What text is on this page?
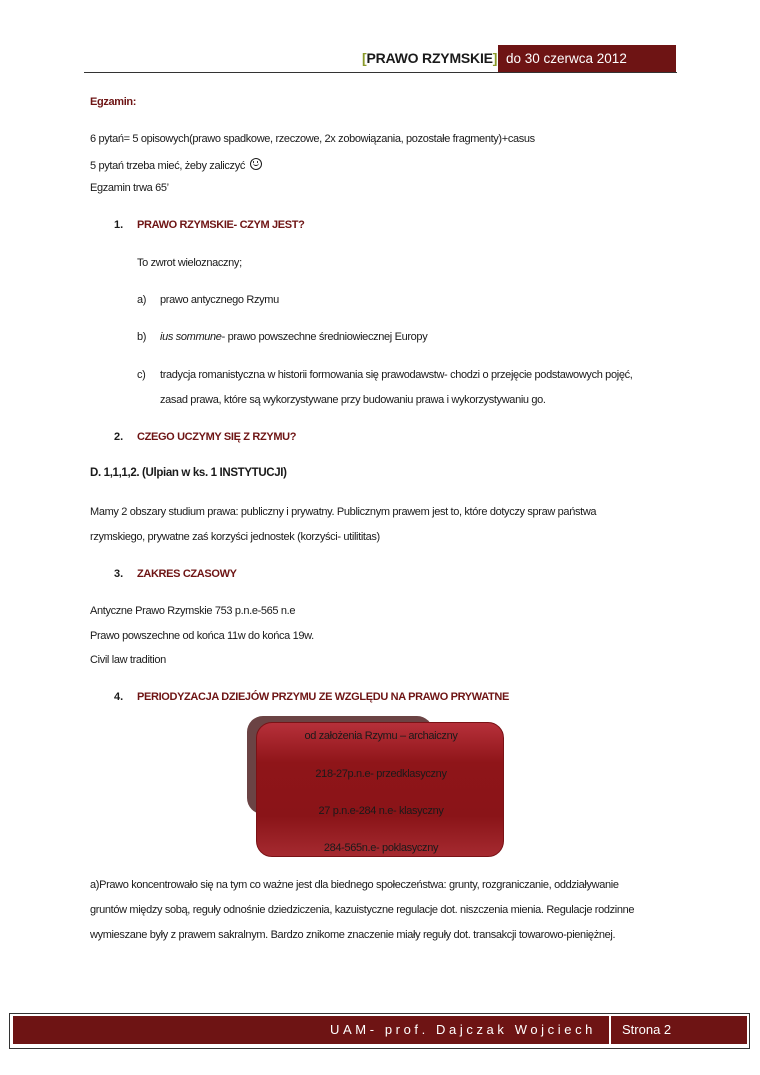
[PRAWO RZYMSKIE] do 30 czerwca 2012
Egzamin:
6 pytań= 5 opisowych(prawo spadkowe, rzeczowe, 2x zobowiązania, pozostałe fragmenty)+casus
5 pytań trzeba mieć, żeby zaliczyć
Egzamin trwa 65’
1. PRAWO RZYMSKIE- CZYM JEST?
To zwrot wieloznaczny;
a) prawo antycznego Rzymu
b) ius sommune- prawo powszechne średniowiecznej Europy
c) tradycja romanistyczna w historii formowania się prawodawstw- chodzi o przejęcie podstawowych pojęć,
zasad prawa, które są wykorzystywane przy budowaniu prawa i wykorzystywaniu go.
2. CZEGO UCZYMY SIĘ Z RZYMU?
D. 1,1,1,2. (Ulpian w ks. 1 INSTYTUCJI)
Mamy 2 obszary studium prawa: publiczny i prywatny. Publicznym prawem jest to, które dotyczy spraw państwa
rzymskiego, prywatne zaś korzyści jednostek (korzyści- utilititas)
3. ZAKRES CZASOWY
Antyczne Prawo Rzymskie 753 p.n.e-565 n.e
Prawo powszechne od końca 11w do końca 19w.
Civil law tradition
4. PERIODYZACJA DZIEJÓW PRZYMU ZE WZGLĘDU NA PRAWO PRYWATNE
od założenia Rzymu – archaiczny
218-27p.n.e- przedklasyczny
27 p.n.e-284 n.e- klasyczny
284-565n.e- poklasyczny
a)Prawo koncentrowało się na tym co ważne jest dla biednego społeczeństwa: grunty, rozgraniczanie, oddziaływanie
gruntów między sobą, reguły odnośnie dziedziczenia, kazuistyczne regulacje dot. niszczenia mienia. Regulacje rodzinne
wymieszane były z prawem sakralnym. Bardzo znikome znaczenie miały reguły dot. transakcji towarowo-pieniężnej.
UAM- prof. Dajczak Wojciech Strona 2
